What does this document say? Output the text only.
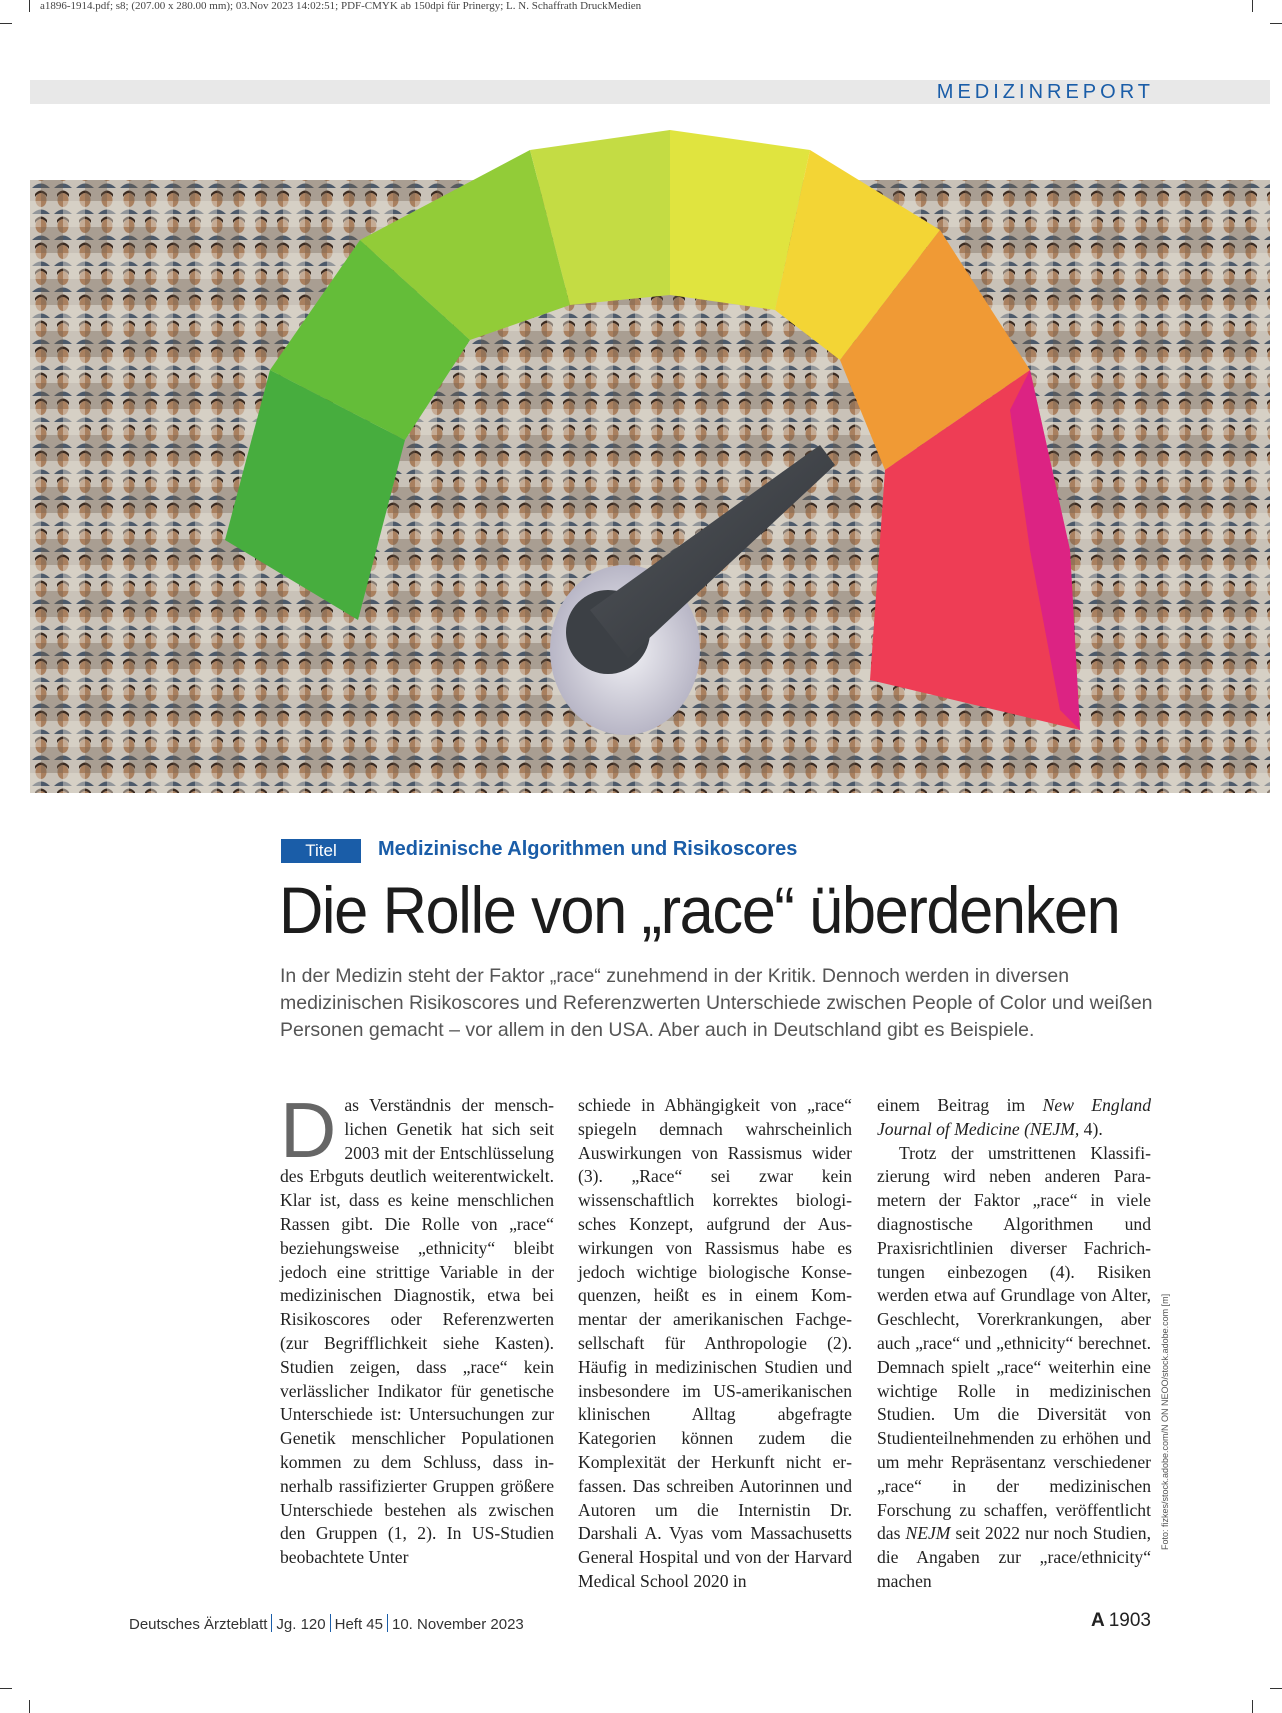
a1896-1914.pdf; s8; (207.00 x 280.00 mm); 03.Nov 2023 14:02:51; PDF-CMYK ab 150dpi für Prinergy; L. N. Schaffrath DruckMedien
MEDIZINREPORT
Titel	Medizinische Algorithmen und Risikoscores
Die Rolle von „race“ überdenken
In der Medizin steht der Faktor „race“ zunehmend in der Kritik. Dennoch werden in diversen medizinischen Risikoscores und Referenzwerten Unterschiede zwischen People of Color und weißen Personen gemacht – vor allem in den USA. Aber auch in Deutschland gibt es Beispiele.

Das Verständnis der menschlichen Genetik hat sich seit 2003 mit der Entschlüsselung des Erbguts deutlich weiterentwickelt. Klar ist, dass es keine menschlichen Rassen gibt. Die Rolle von „race“ beziehungsweise „ethnicity“ bleibt jedoch eine strittige Variable in der medizinischen Diagnostik, etwa bei Risikoscores oder Referenzwerten (zur Begrifflichkeit siehe Kasten). Studien zeigen, dass „race“ kein verlässlicher Indikator für genetische Unterschiede ist: Untersuchungen zur Genetik menschlicher Populationen kommen zu dem Schluss, dass innerhalb rassifizierter Gruppen größere Unterschiede bestehen als zwischen den Gruppen (1, 2). In US-Studien beobachtete Unter

schiede in Abhängigkeit von „race“ spiegeln demnach wahrscheinlich Auswirkungen von Rassismus wider (3). „Race“ sei zwar kein wissenschaftlich korrektes biologisches Konzept, aufgrund der Auswirkungen von Rassismus habe es jedoch wichtige biologische Konsequenzen, heißt es in einem Kommentar der amerikanischen Fachgesellschaft für Anthropologie (2). Häufig in medizinischen Studien und insbesondere im US-amerikanischen klinischen Alltag abgefragte Kategorien können zudem die Komplexität der Herkunft nicht erfassen. Das schreiben Autorinnen und Autoren um die Internistin Dr. Darshali A. Vyas vom Massachusetts General Hospital und von der Harvard Medical School 2020 in

einem Beitrag im New England Journal of Medicine (NEJM, 4).

Trotz der umstrittenen Klassifizierung wird neben anderen Parametern der Faktor „race“ in viele diagnostische Algorithmen und Praxisrichtlinien diverser Fachrichtungen einbezogen (4). Risiken werden etwa auf Grundlage von Alter, Geschlecht, Vorerkrankungen, aber auch „race“ und „ethnicity“ berechnet. Demnach spielt „race“ weiterhin eine wichtige Rolle in medizinischen Studien. Um die Diversität von Studienteilnehmenden zu erhöhen und um mehr Repräsentanz verschiedener „race“ in der medizinischen Forschung zu schaffen, veröffentlicht das NEJM seit 2022 nur noch Studien, die Angaben zur „race/ethnicity“ machen

Foto: fizkes/stock.adobe.com/N ON NEOO/stock.adobe.com [m]
Deutsches Ärzteblatt Jg. 120 Heft 45 10. November 2023	A 1903
